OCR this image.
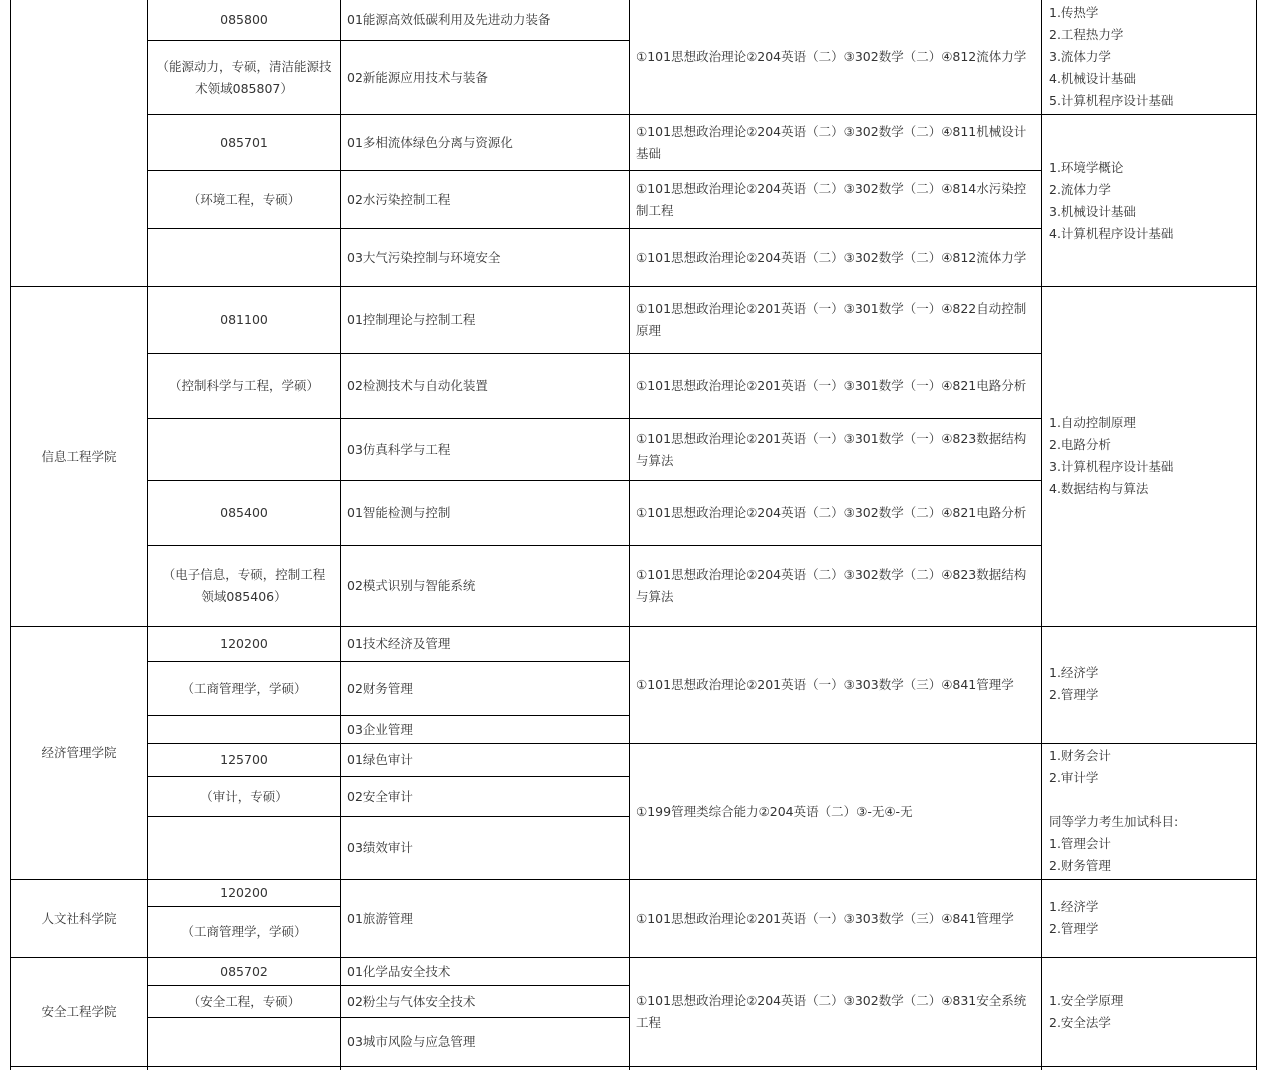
085800
（能源动力，专硕，清洁能源技术领域085807）
01能源高效低碳利用及先进动力装备
02新能源应用技术与装备
①101思想政治理论②204英语（二）③302数学（二）④812流体力学
1.传热学
2.工程热力学
3.流体力学
4.机械设计基础
5.计算机程序设计基础
085701
（环境工程，专硕）
01多相流体绿色分离与资源化
02水污染控制工程
03大气污染控制与环境安全
①101思想政治理论②204英语（二）③302数学（二）④811机械设计基础
①101思想政治理论②204英语（二）③302数学（二）④814水污染控制工程
①101思想政治理论②204英语（二）③302数学（二）④812流体力学
1.环境学概论
2.流体力学
3.机械设计基础
4.计算机程序设计基础
信息工程学院
081100
（控制科学与工程，学硕）
085400
（电子信息，专硕，控制工程领域085406）
01控制理论与控制工程
02检测技术与自动化装置
03仿真科学与工程
01智能检测与控制
02模式识别与智能系统
①101思想政治理论②201英语（一）③301数学（一）④822自动控制原理
①101思想政治理论②201英语（一）③301数学（一）④821电路分析
①101思想政治理论②201英语（一）③301数学（一）④823数据结构与算法
①101思想政治理论②204英语（二）③302数学（二）④821电路分析
①101思想政治理论②204英语（二）③302数学（二）④823数据结构与算法
1.自动控制原理
2.电路分析
3.计算机程序设计基础
4.数据结构与算法
经济管理学院
120200
（工商管理学，学硕）
01技术经济及管理
02财务管理
03企业管理
①101思想政治理论②201英语（一）③303数学（三）④841管理学
1.经济学
2.管理学
125700
（审计，专硕）
01绿色审计
02安全审计
03绩效审计
①199管理类综合能力②204英语（二）③-无④-无
1.财务会计
2.审计学
同等学力考生加试科目:
1.管理会计
2.财务管理
人文社科学院
120200
（工商管理学，学硕）
01旅游管理	①101思想政治理论②201英语（一）③303数学（三）④841管理学
1.经济学
2.管理学
安全工程学院
085702
（安全工程，专硕）
01化学品安全技术
02粉尘与气体安全技术
03城市风险与应急管理
①101思想政治理论②204英语（二）③302数学（二）④831安全系统工程
1.安全学原理
2.安全法学
